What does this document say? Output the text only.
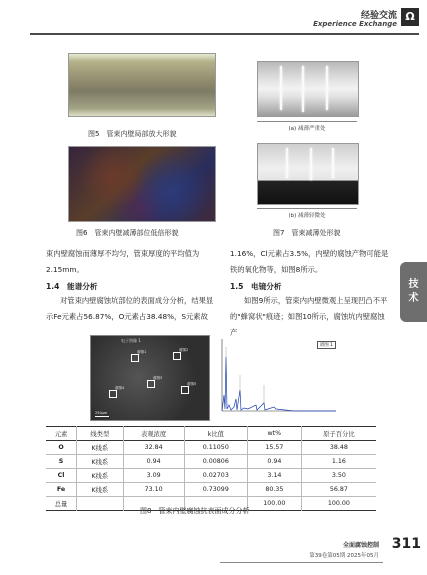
经验交流
Experience Exchange
Ω
图5　管束内壁局部放大形貌
图6　管束内壁减薄部位低倍形貌
(a) 减薄严重处
(b) 减薄轻微处
图7　管束减薄处形貌
束内壁腐蚀而薄厚不均匀，管束厚度的平均值为2.15mm。
1.4　能谱分析
对管束内壁腐蚀坑部位的表面成分分析，结果显示Fe元素占56.87%，O元素占38.48%，S元素故
1.16%，Cl元素占3.5%，内壁的腐蚀产物可能是铁的氧化物等，如图8所示。
1.5　电镜分析
如图9所示，管束内内壁微观上呈现凹凸不平的"蜂窝状"痕迹；如图10所示，腐蚀坑内壁腐蚀产
技
术
电子图像 1
谱图1	谱图2
谱图3
谱图4
谱图5
250μm
谱图 1
元素	线类型	表观浓度	k比值	wt%	原子百分比
O	K线系	32.84	0.11050	15.57	38.48
S	K线系	0.94	0.00806	0.94	1.16
Cl	K线系	3.09	0.02703	3.14	3.50
Fe	K线系	73.10	0.73099	80.35	56.87
总量				100.00	100.00
图8　管束内壁腐蚀抗表面成分分析
全面腐蚀控制
第39卷第05期 2025年05月
311
